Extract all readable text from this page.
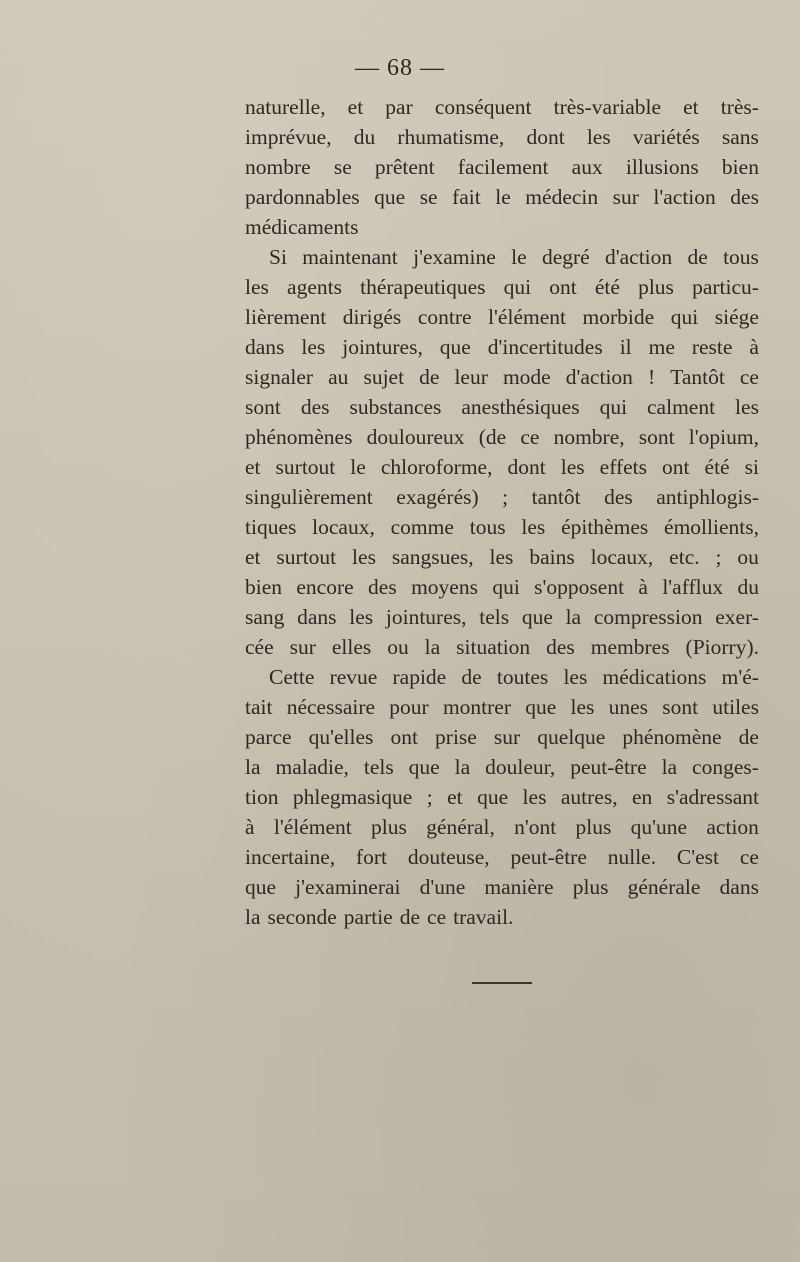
— 68 —
naturelle, et par conséquent très-variable et très-
imprévue, du rhumatisme, dont les variétés sans
nombre se prêtent facilement aux illusions bien
pardonnables que se fait le médecin sur l'action des
médicaments
Si maintenant j'examine le degré d'action de tous
les agents thérapeutiques qui ont été plus particu-
lièrement dirigés contre l'élément morbide qui siége
dans les jointures, que d'incertitudes il me reste à
signaler au sujet de leur mode d'action ! Tantôt ce
sont des substances anesthésiques qui calment les
phénomènes douloureux (de ce nombre, sont l'opium,
et surtout le chloroforme, dont les effets ont été si
singulièrement exagérés) ; tantôt des antiphlogis-
tiques locaux, comme tous les épithèmes émollients,
et surtout les sangsues, les bains locaux, etc. ; ou
bien encore des moyens qui s'opposent à l'afflux du
sang dans les jointures, tels que la compression exer-
cée sur elles ou la situation des membres (Piorry).
Cette revue rapide de toutes les médications m'é-
tait nécessaire pour montrer que les unes sont utiles
parce qu'elles ont prise sur quelque phénomène de
la maladie, tels que la douleur, peut-être la conges-
tion phlegmasique ; et que les autres, en s'adressant
à l'élément plus général, n'ont plus qu'une action
incertaine, fort douteuse, peut-être nulle. C'est ce
que j'examinerai d'une manière plus générale dans
la seconde partie de ce travail.
